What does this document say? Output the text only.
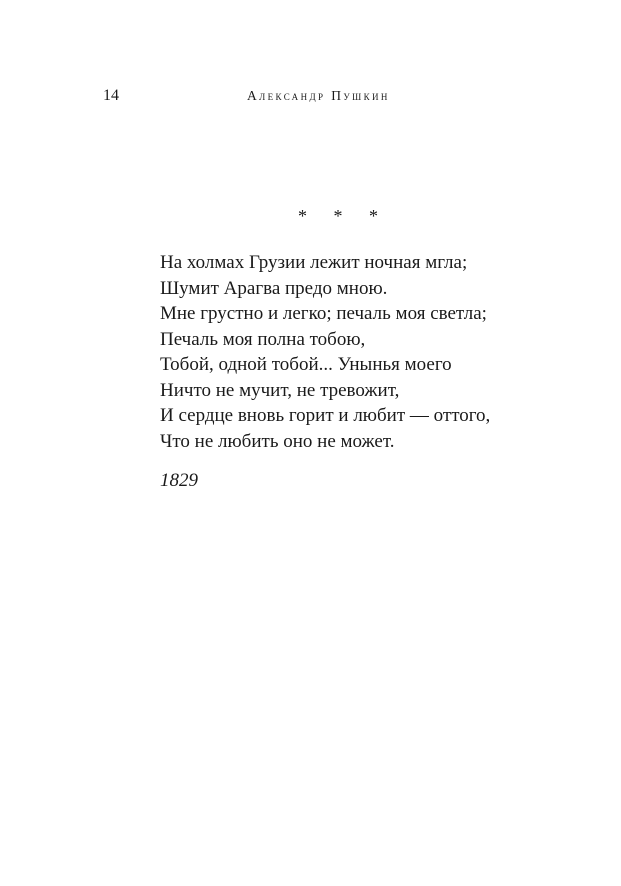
14	Александр Пушкин
* * *
На холмах Грузии лежит ночная мгла;
Шумит Арагва предо мною.
Мне грустно и легко; печаль моя светла;
Печаль моя полна тобою,
Тобой, одной тобой... Унынья моего
Ничто не мучит, не тревожит,
И сердце вновь горит и любит — оттого,
Что не любить оно не может.
1829
